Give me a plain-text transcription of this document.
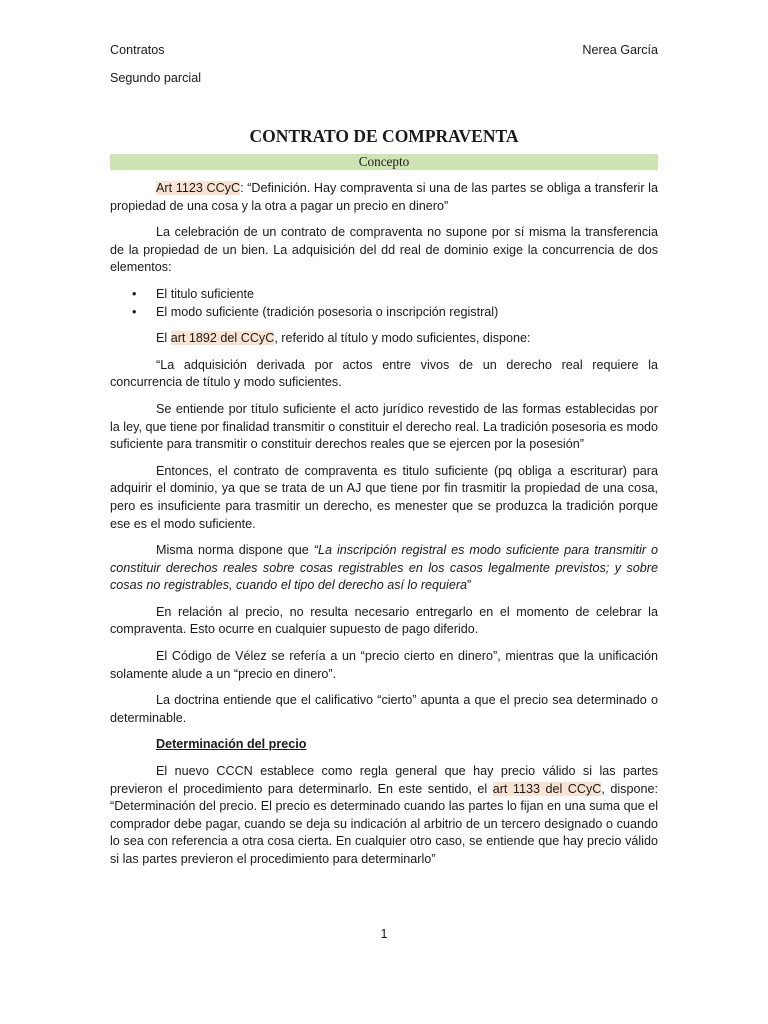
Contratos	Nerea García
Segundo parcial
CONTRATO DE COMPRAVENTA
Concepto

Art 1123 CCyC: “Definición. Hay compraventa si una de las partes se obliga a transferir la propiedad de una cosa y la otra a pagar un precio en dinero”

La celebración de un contrato de compraventa no supone por sí misma la transferencia de la propiedad de un bien. La adquisición del dd real de dominio exige la concurrencia de dos elementos:

• El titulo suficiente
• El modo suficiente (tradición posesoria o inscripción registral)

El art 1892 del CCyC, referido al título y modo suficientes, dispone:

“La adquisición derivada por actos entre vivos de un derecho real requiere la concurrencia de título y modo suficientes.

Se entiende por título suficiente el acto jurídico revestido de las formas establecidas por la ley, que tiene por finalidad transmitir o constituir el derecho real. La tradición posesoria es modo suficiente para transmitir o constituir derechos reales que se ejercen por la posesión”

Entonces, el contrato de compraventa es titulo suficiente (pq obliga a escriturar) para adquirir el dominio, ya que se trata de un AJ que tiene por fin trasmitir la propiedad de una cosa, pero es insuficiente para trasmitir un derecho, es menester que se produzca la tradición porque ese es el modo suficiente.

Misma norma dispone que “La inscripción registral es modo suficiente para transmitir o constituir derechos reales sobre cosas registrables en los casos legalmente previstos; y sobre cosas no registrables, cuando el tipo del derecho así lo requiera”

En relación al precio, no resulta necesario entregarlo en el momento de celebrar la compraventa. Esto ocurre en cualquier supuesto de pago diferido.

El Código de Vélez se refería a un “precio cierto en dinero”, mientras que la unificación solamente alude a un “precio en dinero”.

La doctrina entiende que el calificativo “cierto” apunta a que el precio sea determinado o determinable.

Determinación del precio

El nuevo CCCN establece como regla general que hay precio válido si las partes previeron el procedimiento para determinarlo. En este sentido, el art 1133 del CCyC, dispone: “Determinación del precio. El precio es determinado cuando las partes lo fijan en una suma que el comprador debe pagar, cuando se deja su indicación al arbitrio de un tercero designado o cuando lo sea con referencia a otra cosa cierta. En cualquier otro caso, se entiende que hay precio válido si las partes previeron el procedimiento para determinarlo”

1
